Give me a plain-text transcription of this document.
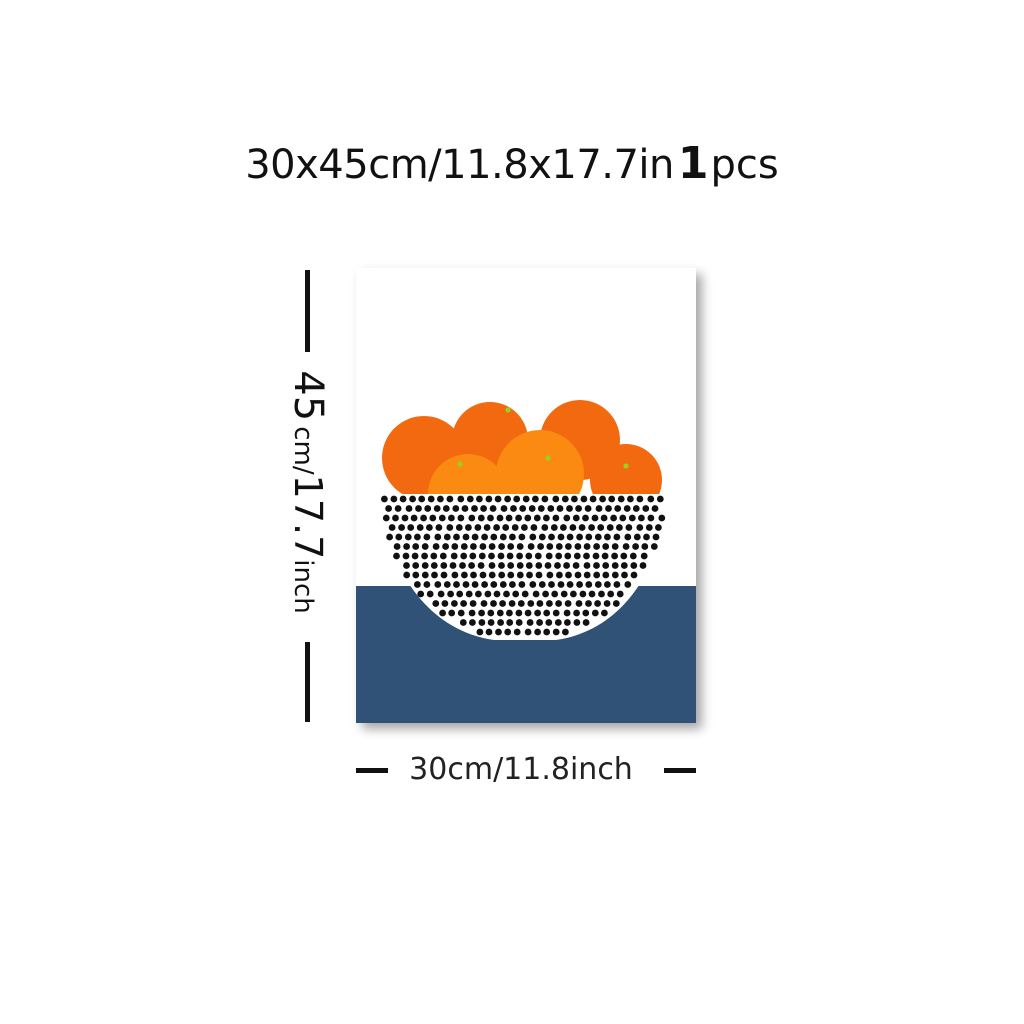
30x45cm/11.8x17.7in1pcs
45 cm/17.7inch
30cm/11.8inch
